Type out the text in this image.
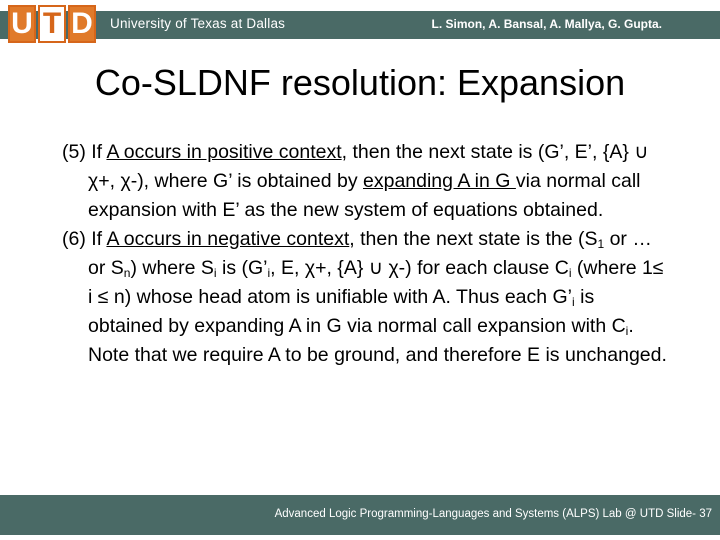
U T D University of Texas at Dallas	L. Simon, A. Bansal, A. Mallya, G. Gupta.
Co-SLDNF resolution: Expansion
(5) If A occurs in positive context, then the next state is (G’, E’, {A} ∪ χ+, χ-), where G’ is obtained by expanding A in G via normal call expansion with E’ as the new system of equations obtained.
(6) If A occurs in negative context, then the next state is the ($S_1$ or … or $S_n$) where $S_i$ is ($G’_i$, E, χ+, {A} ∪ χ-) for each clause $C_i$ (where 1≤ i ≤ n) whose head atom is unifiable with A. Thus each $G’_i$ is obtained by expanding A in G via normal call expansion with $C_i$. Note that we require A to be ground, and therefore E is unchanged.
Advanced Logic Programming-Languages and Systems (ALPS) Lab @ UTD Slide- 37
